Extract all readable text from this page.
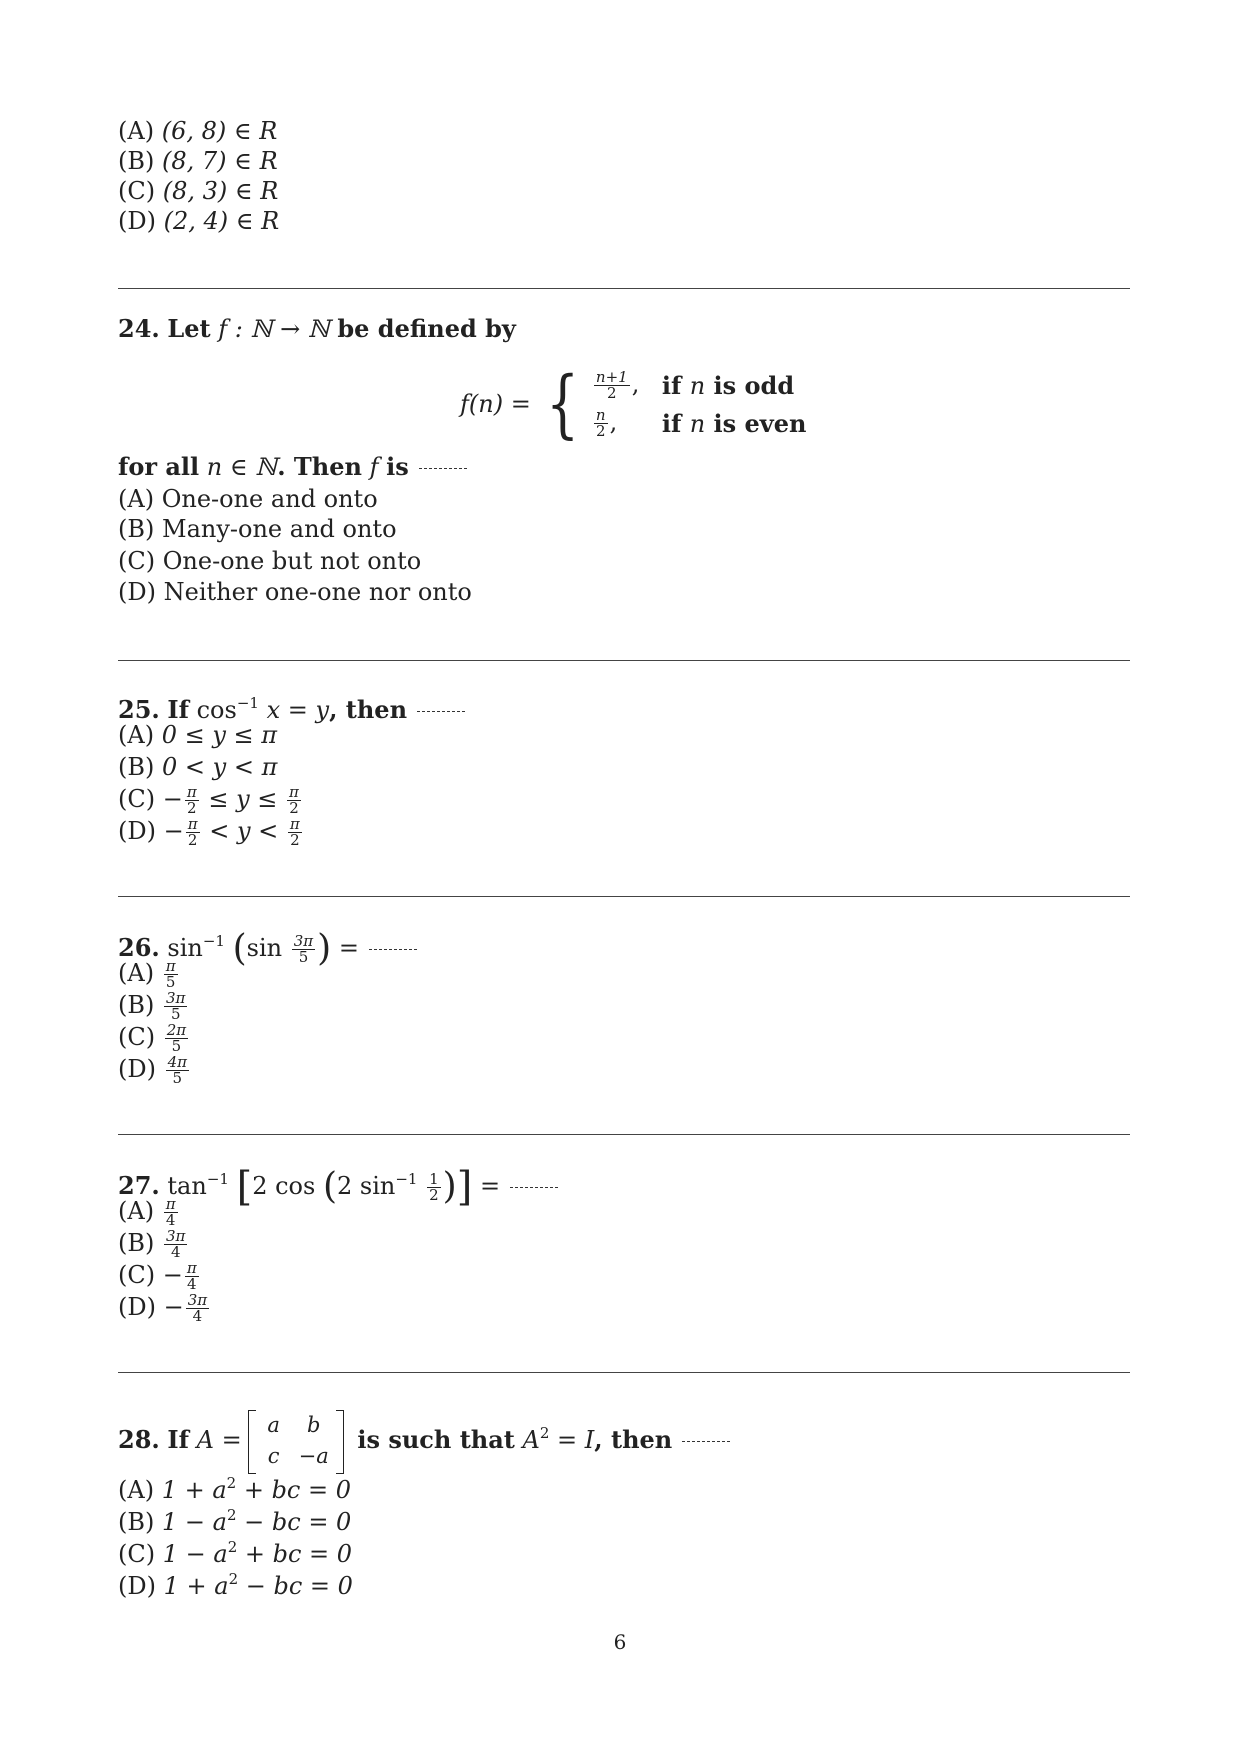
(A) (6, 8) ∈ R
(B) (8, 7) ∈ R
(C) (8, 3) ∈ R
(D) (2, 4) ∈ R
24. Let f : ℕ → ℕ be defined by
f(n) = { $\frac{n+1}{2}$ , if n is odd
$\frac{n}{2}$ ,	if n is even
for all n ∈ ℕ. Then f is
(A) One-one and onto
(B) Many-one and onto
(C) One-one but not onto
(D) Neither one-one nor onto
25. If $\cos^{-1} x = y$, then
(A) 0 ≤ y ≤ π
(B) 0 < y < π
$(C) - \frac{\pi}{2} \le y \le \frac{\pi}{2}$
$(D) - \frac{\pi}{2} < y < \frac{\pi}{2}$
26. $\sin^{-1} (\sin \frac{3\pi}{5}$ ) =
$(A) \frac{\pi}{5}$
$(B) \frac{3\pi}{5}$
$(C) \frac{2\pi}{5}$
$(D) \frac{4\pi}{5}$
27. $\tan^{-1} [2$ cos (2 $\sin^{-1} \frac{1}{2}$ )] =
$(A) \frac{\pi}{4}$
$(B) \frac{3\pi}{4}$
$(C) - \frac{\pi}{4}$
$(D) - \frac{3\pi}{4}$
28. If A =
a	b
c −a
is such that $A^2 = I$, then
(A) $1 + a^2$ + bc = 0
(B) $1 - a^2$ − bc = 0
(C) $1 - a^2$ + bc = 0
(D) $1 + a^2$ − bc = 0
6
